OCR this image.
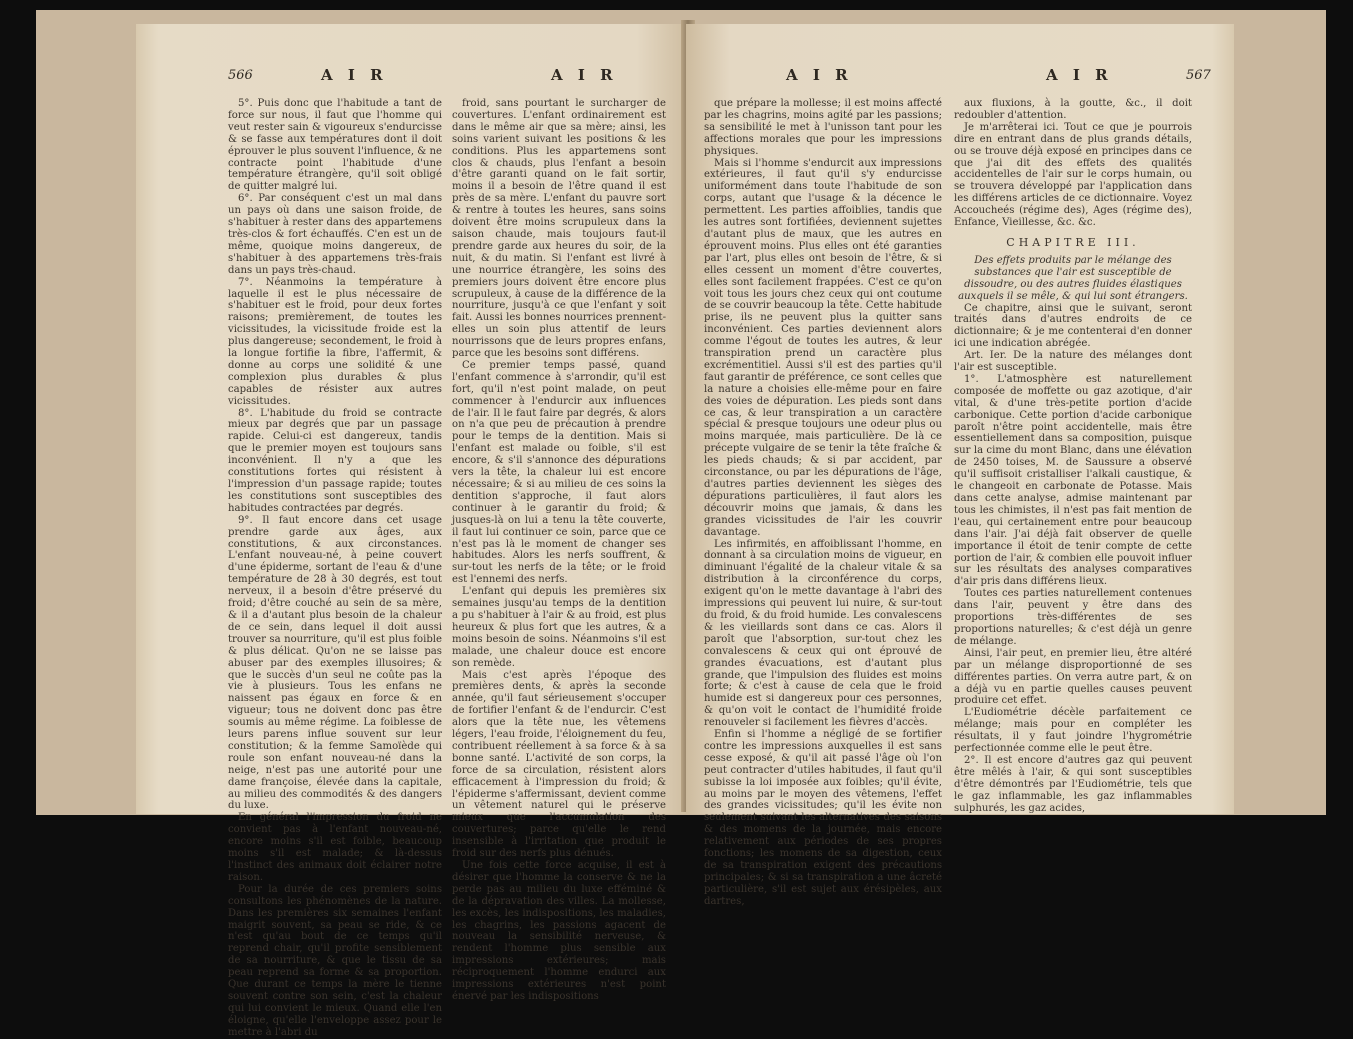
566	A I R	A I R

5°. Puis donc que l'habitude a tant de force sur nous, il faut que l'homme qui veut rester sain & vigoureux s'endurcisse & se fasse aux températures dont il doit éprouver le plus souvent l'influence, & ne contracte point l'habitude d'une température étrangère, qu'il soit obligé de quitter malgré lui.

6°. Par conséquent c'est un mal dans un pays où dans une saison froide, de s'habituer à rester dans des appartemens très-clos & fort échauffés. C'en est un de même, quoique moins dangereux, de s'habituer à des appartemens très-frais dans un pays très-chaud.

7°. Néanmoins la température à laquelle il est le plus nécessaire de s'habituer est le froid, pour deux fortes raisons; premièrement, de toutes les vicissitudes, la vicissitude froide est la plus dangereuse; secondement, le froid à la longue fortifie la fibre, l'affermit, & donne au corps une solidité & une complexion plus durables & plus capables de résister aux autres vicissitudes.

8°. L'habitude du froid se contracte mieux par degrés que par un passage rapide. Celui-ci est dangereux, tandis que le premier moyen est toujours sans inconvénient. Il n'y a que les constitutions fortes qui résistent à l'impression d'un passage rapide; toutes les constitutions sont susceptibles des habitudes contractées par degrés.

9°. Il faut encore dans cet usage prendre garde aux âges, aux constitutions, & aux circonstances. L'enfant nouveau-né, à peine couvert d'une épiderme, sortant de l'eau & d'une température de 28 à 30 degrés, est tout nerveux, il a besoin d'être préservé du froid; d'être couché au sein de sa mère, & il a d'autant plus besoin de la chaleur de ce sein, dans lequel il doit aussi trouver sa nourriture, qu'il est plus foible & plus délicat. Qu'on ne se laisse pas abuser par des exemples illusoires; & que le succès d'un seul ne coûte pas la vie à plusieurs. Tous les enfans ne naissent pas égaux en force & en vigueur; tous ne doivent donc pas être soumis au même régime. La foiblesse de leurs parens influe souvent sur leur constitution; & la femme Samoïède qui roule son enfant nouveau-né dans la neige, n'est pas une autorité pour une dame françoise, élevée dans la capitale, au milieu des commodités & des dangers du luxe.

En général l'impression du froid ne convient pas à l'enfant nouveau-né, encore moins s'il est foible, beaucoup moins s'il est malade; & là-dessus l'instinct des animaux doit éclairer notre raison.

Pour la durée de ces premiers soins consultons les phénomènes de la nature. Dans les premières six semaines l'enfant maigrit souvent, sa peau se ride, & ce n'est qu'au bout de ce temps qu'il reprend chair, qu'il profite sensiblement de sa nourriture, & que le tissu de sa peau reprend sa forme & sa proportion. Que durant ce temps la mère le tienne souvent contre son sein, c'est la chaleur qui lui convient le mieux. Quand elle l'en éloigne, qu'elle l'enveloppe assez pour le mettre à l'abri du

froid, sans pourtant le surcharger de couvertures. L'enfant ordinairement est dans le même air que sa mère; ainsi, les soins varient suivant les positions & les conditions. Plus les appartemens sont clos & chauds, plus l'enfant a besoin d'être garanti quand on le fait sortir, moins il a besoin de l'être quand il est près de sa mère. L'enfant du pauvre sort & rentre à toutes les heures, sans soins doivent être moins scrupuleux dans la saison chaude, mais toujours faut-il prendre garde aux heures du soir, de la nuit, & du matin. Si l'enfant est livré à une nourrice étrangère, les soins des premiers jours doivent être encore plus scrupuleux, à cause de la différence de la nourriture, jusqu'à ce que l'enfant y soit fait. Aussi les bonnes nourrices prennent-elles un soin plus attentif de leurs nourrissons que de leurs propres enfans, parce que les besoins sont différens.

Ce premier temps passé, quand l'enfant commence à s'arrondir, qu'il est fort, qu'il n'est point malade, on peut commencer à l'endurcir aux influences de l'air. Il le faut faire par degrés, & alors on n'a que peu de précaution à prendre pour le temps de la dentition. Mais si l'enfant est malade ou foible, s'il est encore, & s'il s'annonce des dépurations vers la tête, la chaleur lui est encore nécessaire; & si au milieu de ces soins la dentition s'approche, il faut alors continuer à le garantir du froid; & jusques-là on lui a tenu la tête couverte, il faut lui continuer ce soin, parce que ce n'est pas là le moment de changer ses habitudes. Alors les nerfs souffrent, & sur-tout les nerfs de la tête; or le froid est l'ennemi des nerfs.

L'enfant qui depuis les premières six semaines jusqu'au temps de la dentition a pu s'habituer à l'air & au froid, est plus heureux & plus fort que les autres, & a moins besoin de soins. Néanmoins s'il est malade, une chaleur douce est encore son remède.

Mais c'est après l'époque des premières dents, & après la seconde année, qu'il faut sérieusement s'occuper de fortifier l'enfant & de l'endurcir. C'est alors que la tête nue, les vêtemens légers, l'eau froide, l'éloignement du feu, contribuent réellement à sa force & à sa bonne santé. L'activité de son corps, la force de sa circulation, résistent alors efficacement à l'impression du froid; & l'épiderme s'affermissant, devient comme un vêtement naturel qui le préserve mieux que l'accumulation des couvertures; parce qu'elle le rend insensible à l'irritation que produit le froid sur des nerfs plus dénués.

Une fois cette force acquise, il est à désirer que l'homme la conserve & ne la perde pas au milieu du luxe efféminé & de la dépravation des villes. La mollesse, les excès, les indispositions, les maladies, les chagrins, les passions agacent de nouveau la sensibilité nerveuse, & rendent l'homme plus sensible aux impressions extérieures; mais réciproquement l'homme endurci aux impressions extérieures n'est point énervé par les indispositions

A I R	A I R	567

que prépare la mollesse; il est moins affecté par les chagrins, moins agité par les passions; sa sensibilité le met à l'unisson tant pour les affections morales que pour les impressions physiques.

Mais si l'homme s'endurcit aux impressions extérieures, il faut qu'il s'y endurcisse uniformément dans toute l'habitude de son corps, autant que l'usage & la décence le permettent. Les parties affoiblies, tandis que les autres sont fortifiées, deviennent sujettes d'autant plus de maux, que les autres en éprouvent moins. Plus elles ont été garanties par l'art, plus elles ont besoin de l'être, & si elles cessent un moment d'être couvertes, elles sont facilement frappées. C'est ce qu'on voit tous les jours chez ceux qui ont coutume de se couvrir beaucoup la tête. Cette habitude prise, ils ne peuvent plus la quitter sans inconvénient. Ces parties deviennent alors comme l'égout de toutes les autres, & leur transpiration prend un caractère plus excrémentitiel. Aussi s'il est des parties qu'il faut garantir de préférence, ce sont celles que la nature a choisies elle-même pour en faire des voies de dépuration. Les pieds sont dans ce cas, & leur transpiration a un caractère spécial & presque toujours une odeur plus ou moins marquée, mais particulière. De là ce précepte vulgaire de se tenir la tête fraîche & les pieds chauds; & si par accident, par circonstance, ou par les dépurations de l'âge, d'autres parties deviennent les sièges des dépurations particulières, il faut alors les découvrir moins que jamais, & dans les grandes vicissitudes de l'air les couvrir davantage.

Les infirmités, en affoiblissant l'homme, en donnant à sa circulation moins de vigueur, en diminuant l'égalité de la chaleur vitale & sa distribution à la circonférence du corps, exigent qu'on le mette davantage à l'abri des impressions qui peuvent lui nuire, & sur-tout du froid, & du froid humide. Les convalescens & les vieillards sont dans ce cas. Alors il paroît que l'absorption, sur-tout chez les convalescens & ceux qui ont éprouvé de grandes évacuations, est d'autant plus grande, que l'impulsion des fluides est moins forte; & c'est à cause de cela que le froid humide est si dangereux pour ces personnes, & qu'on voit le contact de l'humidité froide renouveler si facilement les fièvres d'accès.

Enfin si l'homme a négligé de se fortifier contre les impressions auxquelles il est sans cesse exposé, & qu'il ait passé l'âge où l'on peut contracter d'utiles habitudes, il faut qu'il subisse la loi imposée aux foibles; qu'il évite, au moins par le moyen des vêtemens, l'effet des grandes vicissitudes; qu'il les évite non seulement suivant les alternatives des saisons & des momens de la journée, mais encore relativement aux périodes de ses propres fonctions; les momens de sa digestion, ceux de sa transpiration exigent des précautions principales; & si sa transpiration a une âcreté particulière, s'il est sujet aux érésipèles, aux dartres,

aux fluxions, à la goutte, &c., il doit redoubler d'attention.

Je m'arrêterai ici. Tout ce que je pourrois dire en entrant dans de plus grands détails, ou se trouve déjà exposé en principes dans ce que j'ai dit des effets des qualités accidentelles de l'air sur le corps humain, ou se trouvera développé par l'application dans les différens articles de ce dictionnaire. Voyez Accoucheés (régime des), Ages (régime des), Enfance, Vieillesse, &c. &c.

CHAPITRE III.

Des effets produits par le mélange des substances que l'air est susceptible de dissoudre, ou des autres fluides élastiques auxquels il se mêle, & qui lui sont étrangers.

Ce chapitre, ainsi que le suivant, seront traités dans d'autres endroits de ce dictionnaire; & je me contenterai d'en donner ici une indication abrégée.

Art. Ier. De la nature des mélanges dont l'air est susceptible.

1°. L'atmosphère est naturellement composée de moffette ou gaz azotique, d'air vital, & d'une très-petite portion d'acide carbonique. Cette portion d'acide carbonique paroît n'être point accidentelle, mais être essentiellement dans sa composition, puisque sur la cime du mont Blanc, dans une élévation de 2450 toises, M. de Saussure a observé qu'il suffisoit cristalliser l'alkali caustique, & le changeoit en carbonate de Potasse. Mais dans cette analyse, admise maintenant par tous les chimistes, il n'est pas fait mention de l'eau, qui certainement entre pour beaucoup dans l'air. J'ai déjà fait observer de quelle importance il étoit de tenir compte de cette portion de l'air, & combien elle pouvoit influer sur les résultats des analyses comparatives d'air pris dans différens lieux.

Toutes ces parties naturellement contenues dans l'air, peuvent y être dans des proportions très-différentes de ses proportions naturelles; & c'est déjà un genre de mélange.

Ainsi, l'air peut, en premier lieu, être altéré par un mélange disproportionné de ses différentes parties. On verra autre part, & on a déjà vu en partie quelles causes peuvent produire cet effet.

L'Eudiométrie décèle parfaitement ce mélange; mais pour en compléter les résultats, il y faut joindre l'hygrométrie perfectionnée comme elle le peut être.

2°. Il est encore d'autres gaz qui peuvent être mêlés à l'air, & qui sont susceptibles d'être démontrés par l'Eudiométrie, tels que le gaz inflammable, les gaz inflammables sulphurés, les gaz acides,
